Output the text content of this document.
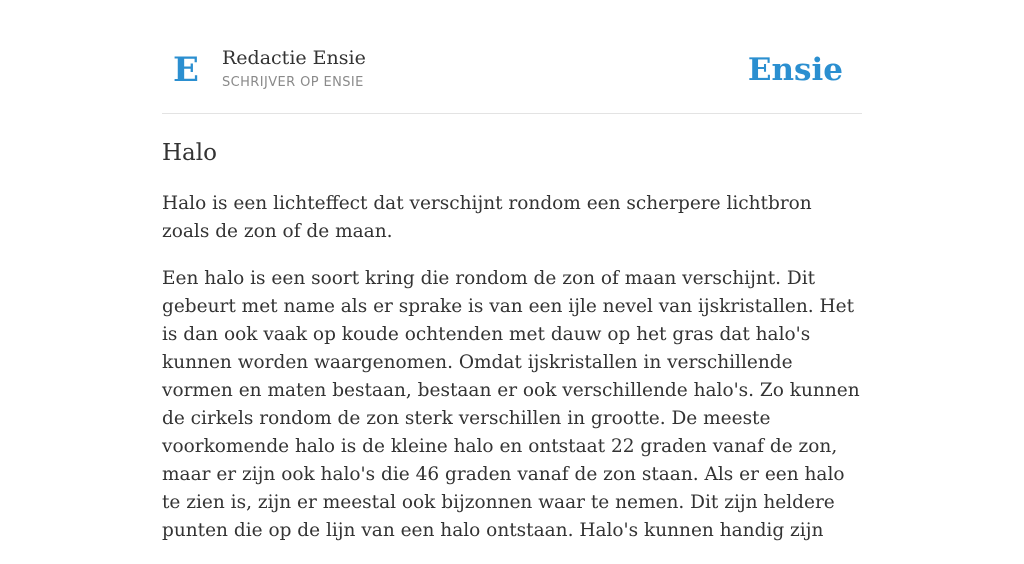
E Redactie Ensie
SCHRIJVER OP ENSIE	Ensie
Halo

Halo is een lichteffect dat verschijnt rondom een scherpere lichtbron zoals de zon of de maan.

Een halo is een soort kring die rondom de zon of maan verschijnt. Dit gebeurt met name als er sprake is van een ijle nevel van ijskristallen. Het is dan ook vaak op koude ochtenden met dauw op het gras dat halo's kunnen worden waargenomen. Omdat ijskristallen in verschillende vormen en maten bestaan, bestaan er ook verschillende halo's. Zo kunnen de cirkels rondom de zon sterk verschillen in grootte. De meeste voorkomende halo is de kleine halo en ontstaat 22 graden vanaf de zon, maar er zijn ook halo's die 46 graden vanaf de zon staan. Als er een halo te zien is, zijn er meestal ook bijzonnen waar te nemen. Dit zijn heldere punten die op de lijn van een halo ontstaan. Halo's kunnen handig zijn
